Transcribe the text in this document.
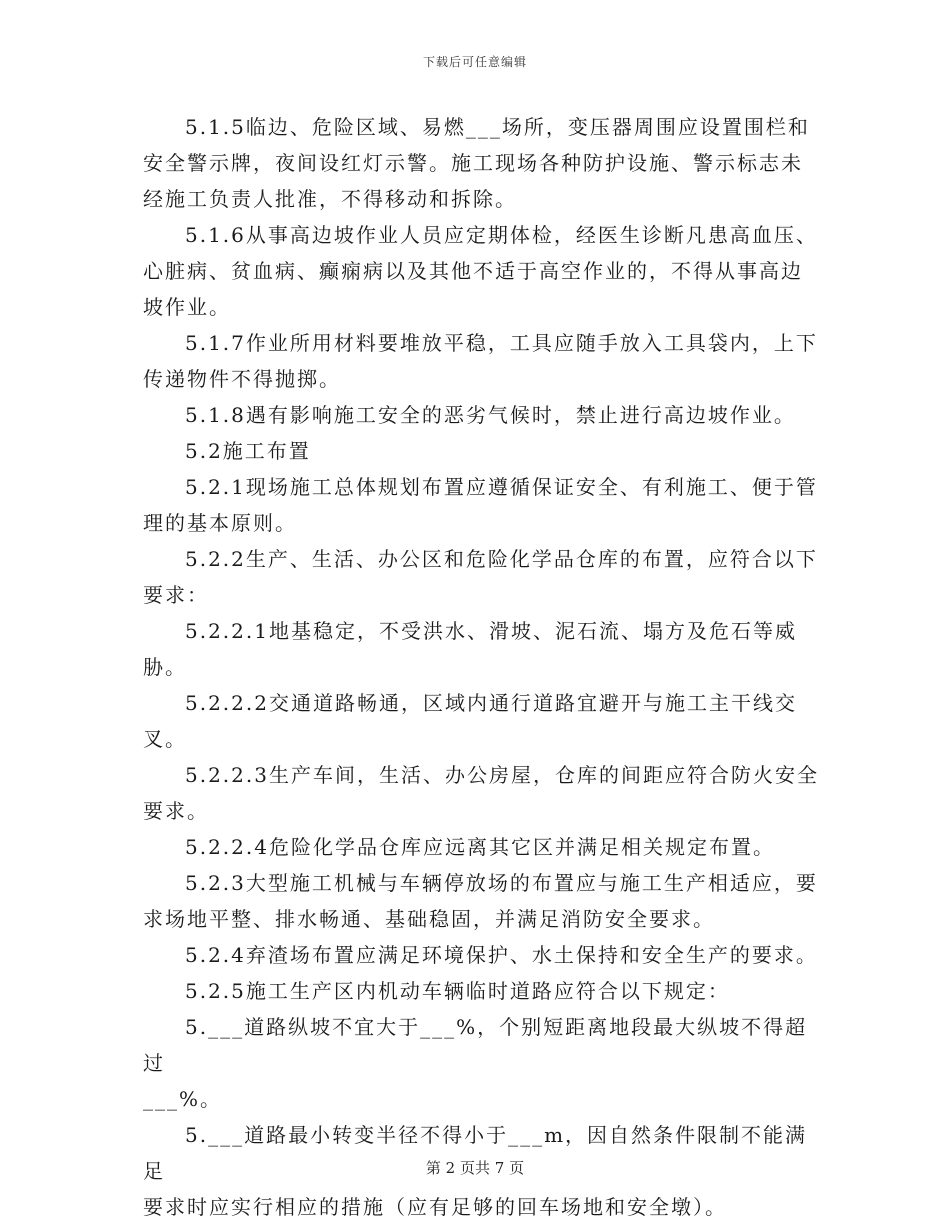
下载后可任意编辑

5.1.5临边、危险区域、易燃___场所，变压器周围应设置围栏和
安全警示牌，夜间设红灯示警。施工现场各种防护设施、警示标志未
经施工负责人批准，不得移动和拆除。

5.1.6从事高边坡作业人员应定期体检，经医生诊断凡患高血压、
心脏病、贫血病、癫痫病以及其他不适于高空作业的，不得从事高边
坡作业。

5.1.7作业所用材料要堆放平稳，工具应随手放入工具袋内，上下
传递物件不得抛掷。

5.1.8遇有影响施工安全的恶劣气候时，禁止进行高边坡作业。

5.2施工布置

5.2.1现场施工总体规划布置应遵循保证安全、有利施工、便于管
理的基本原则。

5.2.2生产、生活、办公区和危险化学品仓库的布置，应符合以下
要求：

5.2.2.1地基稳定，不受洪水、滑坡、泥石流、塌方及危石等威胁。

5.2.2.2交通道路畅通，区域内通行道路宜避开与施工主干线交叉。

5.2.2.3生产车间，生活、办公房屋，仓库的间距应符合防火安全
要求。

5.2.2.4危险化学品仓库应远离其它区并满足相关规定布置。

5.2.3大型施工机械与车辆停放场的布置应与施工生产相适应，要
求场地平整、排水畅通、基础稳固，并满足消防安全要求。

5.2.4弃渣场布置应满足环境保护、水土保持和安全生产的要求。

5.2.5施工生产区内机动车辆临时道路应符合以下规定：

5.___道路纵坡不宜大于___%，个别短距离地段最大纵坡不得超过
___%。

5.___道路最小转变半径不得小于___m，因自然条件限制不能满足
要求时应实行相应的措施（应有足够的回车场地和安全墩）。

第 2 页共 7 页
